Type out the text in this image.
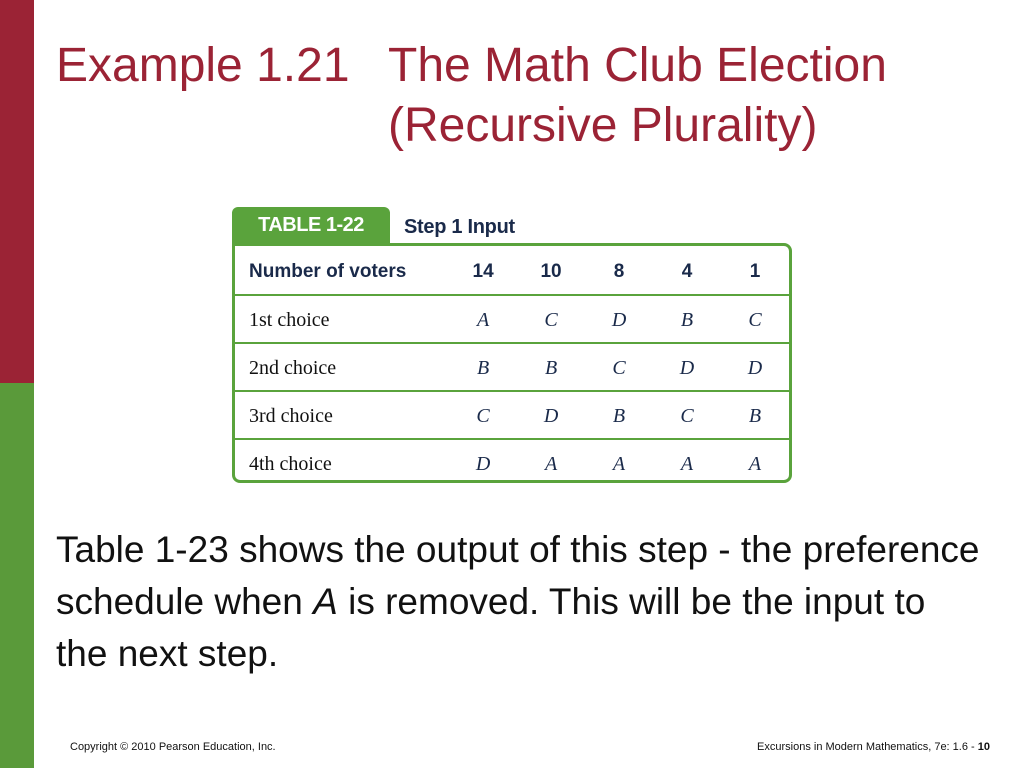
Example 1.21 The Math Club Election
(Recursive Plurality)
TABLE 1-22	Step 1 Input
Number of voters	14	10	8	4	1
1st choice	A	C	D	B	C
2nd choice	B	B	C	D	D
3rd choice	C	D	B	C	B
4th choice	D	A	A	A	A
Table 1-23 shows the output of this step - the preference schedule when A is removed. This will be the input to the next step.
Copyright © 2010 Pearson Education, Inc.	Excursions in Modern Mathematics, 7e: 1.6 - 10
